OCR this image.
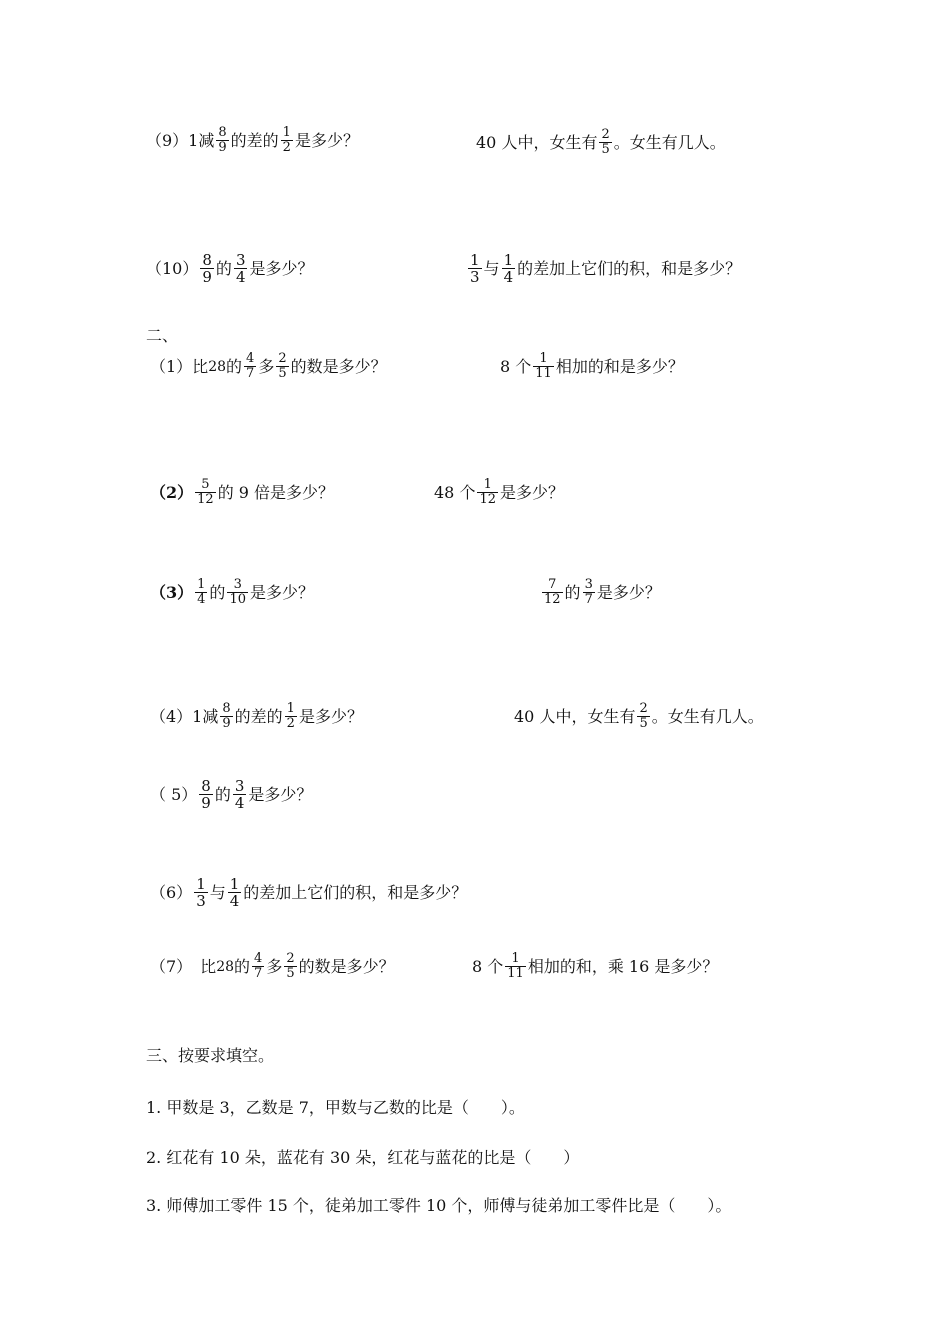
（9）1减 $\frac{8}{9}$ 的差的 $\frac{1}{2}$ 是多少？	40 人中，女生有 $\frac{2}{5}$ 。女生有几人。
$(10) \frac{8}{9}$ 的 $\frac{3}{4}$ 是多少？	$\frac{1}{3}$ 与 $\frac{1}{4}$ 的差加上它们的积，和是多少？
二、
（1）比 28 的 $\frac{4}{7}$ 多 $\frac{2}{5}$ 的数是多少？	8 个 $\frac{1}{11}$ 相加的和是多少？
$(2) \frac{5}{12}$ 的 9 倍是多少？	48 个 $\frac{1}{12}$ 是多少？
$(3) \frac{1}{4}$ 的 $\frac{3}{10}$ 是多少？	$\frac{7}{12}$ 的 $\frac{3}{7}$ 是多少？
（4）1减 $\frac{8}{9}$ 的差的 $\frac{1}{2}$ 是多少？	40 人中，女生有 $\frac{2}{5}$ 。女生有几人。
（ $5) \frac{8}{9}$ 的 $\frac{3}{4}$ 是多少？
$(6) \frac{1}{3}$ 与 $\frac{1}{4}$ 的差加上它们的积，和是多少？
（7）　比 28 的 $\frac{4}{7}$ 多 $\frac{2}{5}$ 的数是多少？	8 个 $\frac{1}{11}$ 相加的和，乘 16 是多少？
三、按要求填空。
1. 甲数是 3，乙数是 7，甲数与乙数的比是（　　）。
2. 红花有 10 朵，蓝花有 30 朵，红花与蓝花的比是（　　）
3. 师傅加工零件 15 个，徒弟加工零件 10 个，师傅与徒弟加工零件比是（　　）。
